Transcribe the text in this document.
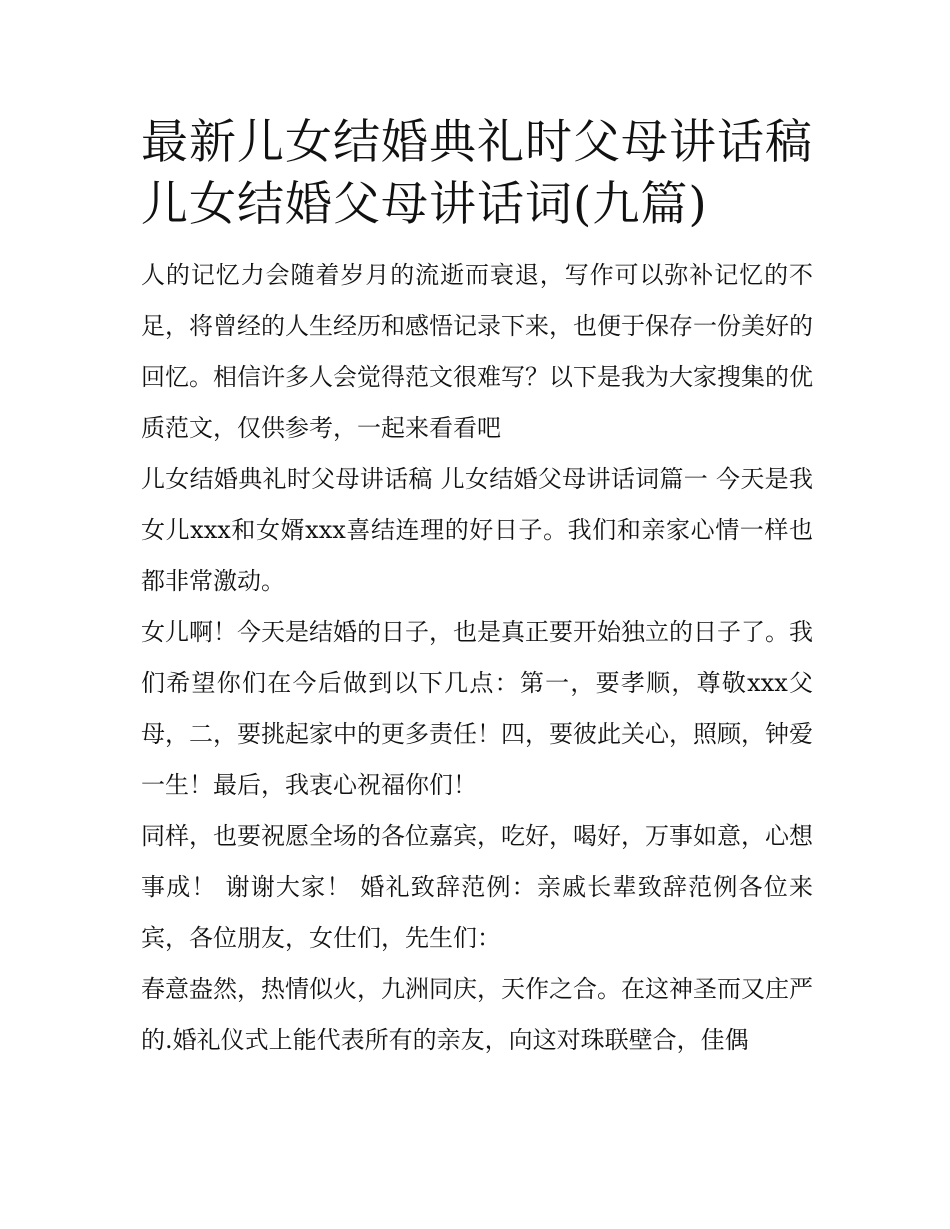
最新儿女结婚典礼时父母讲话稿 儿女结婚父母讲话词(九篇)

人的记忆力会随着岁月的流逝而衰退，写作可以弥补记忆的不足，将曾经的人生经历和感悟记录下来，也便于保存一份美好的回忆。相信许多人会觉得范文很难写？以下是我为大家搜集的优质范文，仅供参考，一起来看看吧

儿女结婚典礼时父母讲话稿 儿女结婚父母讲话词篇一 今天是我女儿xxx和女婿xxx喜结连理的好日子。我们和亲家心情一样也都非常激动。

女儿啊！今天是结婚的日子，也是真正要开始独立的日子了。我们希望你们在今后做到以下几点：第一，要孝顺，尊敬xxx父母，二，要挑起家中的更多责任！四，要彼此关心，照顾，钟爱一生！最后，我衷心祝福你们！

同样，也要祝愿全场的各位嘉宾，吃好，喝好，万事如意，心想事成！ 谢谢大家！ 婚礼致辞范例：亲戚长辈致辞范例各位来宾，各位朋友，女仕们，先生们：

春意盎然，热情似火，九洲同庆，天作之合。在这神圣而又庄严的.婚礼仪式上能代表所有的亲友，向这对珠联壁合，佳偶
